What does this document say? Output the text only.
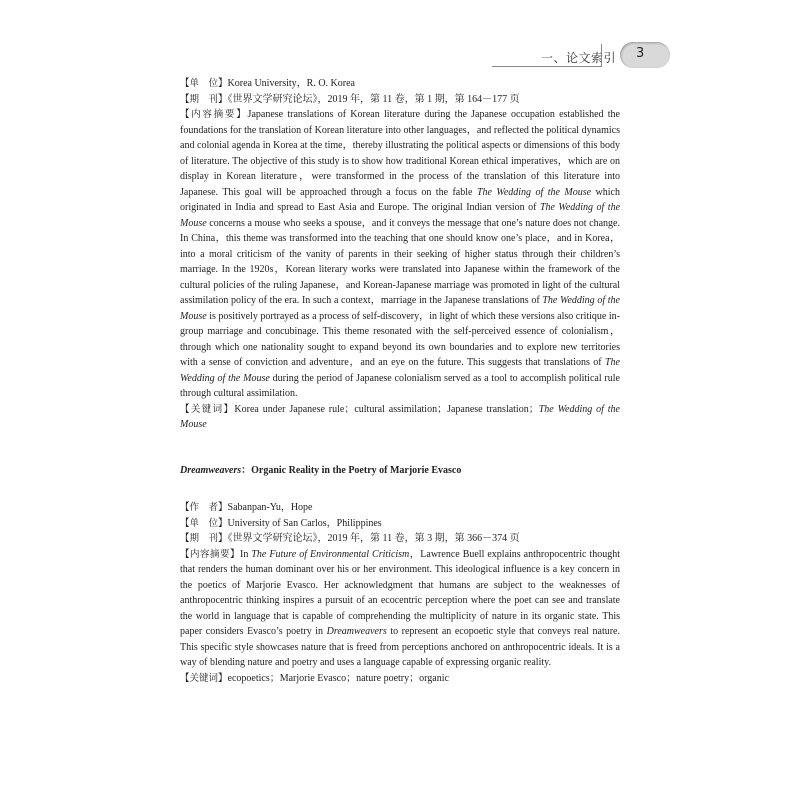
一、论文索引 3
【单　位】Korea University，R. O. Korea
【期　刊】《世界文学研究论坛》，2019 年，第 11 卷，第 1 期，第 164－177 页
【内容摘要】Japanese translations of Korean literature during the Japanese occupation established the foundations for the translation of Korean literature into other languages，and reflected the political dynamics and colonial agenda in Korea at the time，thereby illustrating the political aspects or dimensions of this body of literature. The objective of this study is to show how traditional Korean ethical imperatives，which are on display in Korean literature，were transformed in the process of the translation of this literature into Japanese. This goal will be approached through a focus on the fable The Wedding of the Mouse which originated in India and spread to East Asia and Europe. The original Indian version of The Wedding of the Mouse concerns a mouse who seeks a spouse，and it conveys the message that one’s nature does not change. In China，this theme was transformed into the teaching that one should know one’s place，and in Korea，into a moral criticism of the vanity of parents in their seeking of higher status through their children’s marriage. In the 1920s，Korean literary works were translated into Japanese within the framework of the cultural policies of the ruling Japanese，and Korean-Japanese marriage was promoted in light of the cultural assimilation policy of the era. In such a context，marriage in the Japanese translations of The Wedding of the Mouse is positively portrayed as a process of self-discovery，in light of which these versions also critique in-group marriage and concubinage. This theme resonated with the self-perceived essence of colonialism，through which one nationality sought to expand beyond its own boundaries and to explore new territories with a sense of conviction and adventure，and an eye on the future. This suggests that translations of The Wedding of the Mouse during the period of Japanese colonialism served as a tool to accomplish political rule through cultural assimilation.
【关键词】Korea under Japanese rule；cultural assimilation；Japanese translation；The Wedding of the Mouse
Dreamweavers：Organic Reality in the Poetry of Marjorie Evasco
【作　者】Sabanpan-Yu，Hope
【单　位】University of San Carlos，Philippines
【期　刊】《世界文学研究论坛》，2019 年，第 11 卷，第 3 期，第 366－374 页
【内容摘要】In The Future of Environmental Criticism，Lawrence Buell explains anthropocentric thought that renders the human dominant over his or her environment. This ideological influence is a key concern in the poetics of Marjorie Evasco. Her acknowledgment that humans are subject to the weaknesses of anthropocentric thinking inspires a pursuit of an ecocentric perception where the poet can see and translate the world in language that is capable of comprehending the multiplicity of nature in its organic state. This paper considers Evasco’s poetry in Dreamweavers to represent an ecopoetic style that conveys real nature. This specific style showcases nature that is freed from perceptions anchored on anthropocentric ideals. It is a way of blending nature and poetry and uses a language capable of expressing organic reality.
【关键词】ecopoetics；Marjorie Evasco；nature poetry；organic
